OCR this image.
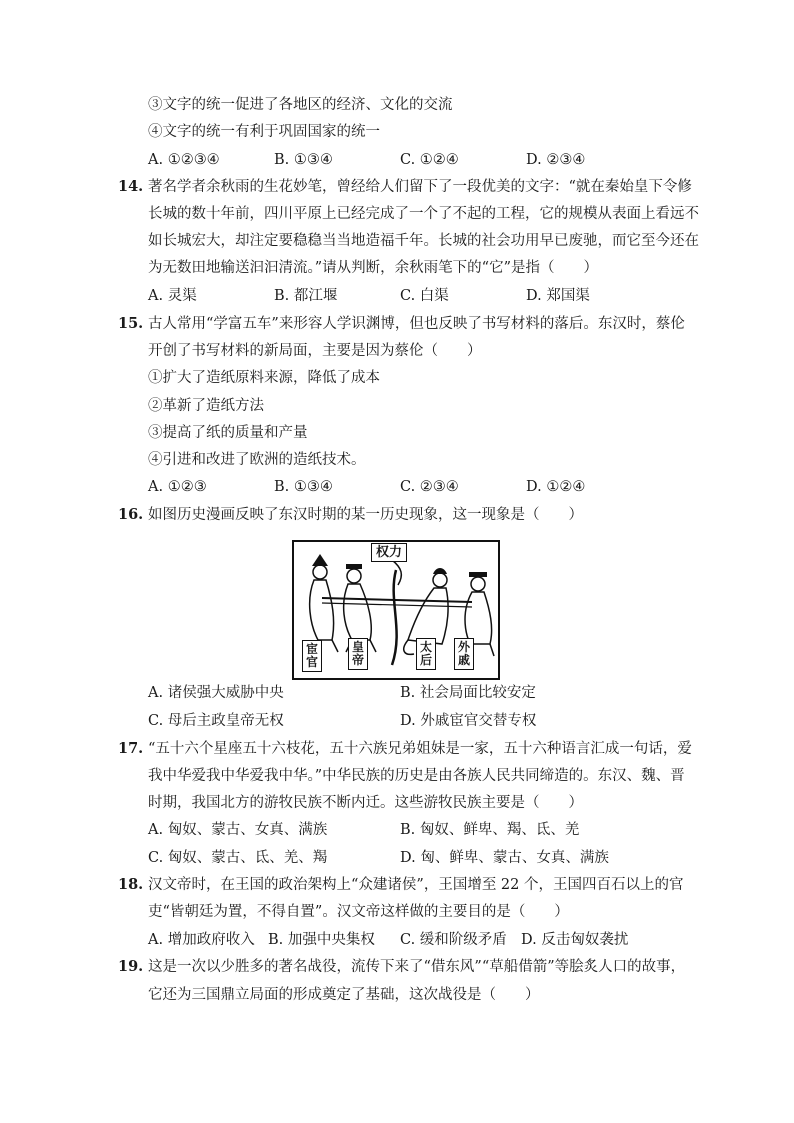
③文字的统一促进了各地区的经济、文化的交流
④文字的统一有利于巩固国家的统一
A. ①②③④	B. ①③④	C. ①②④	D. ②③④
14. 著名学者余秋雨的生花妙笔，曾经给人们留下了一段优美的文字：“就在秦始皇下令修
长城的数十年前，四川平原上已经完成了一个了不起的工程，它的规模从表面上看远不
如长城宏大，却注定要稳稳当当地造福千年。长城的社会功用早已废驰，而它至今还在
为无数田地输送汩汩清流。”请从判断，余秋雨笔下的“它”是指（　　）
A. 灵渠	B. 都江堰	C. 白渠	D. 郑国渠
15. 古人常用“学富五车”来形容人学识渊博，但也反映了书写材料的落后。东汉时，蔡伦
开创了书写材料的新局面，主要是因为蔡伦（　　）
①扩大了造纸原料来源，降低了成本
②革新了造纸方法
③提高了纸的质量和产量
④引进和改进了欧洲的造纸技术。
A. ①②③	B. ①③④	C. ②③④	D. ①②④
16. 如图历史漫画反映了东汉时期的某一历史现象，这一现象是（　　）
权力
宦官
皇帝
太后
外戚
A. 诸侯强大威胁中央	B. 社会局面比较安定
C. 母后主政皇帝无权	D. 外戚宦官交替专权
17. “五十六个星座五十六枝花，五十六族兄弟姐妹是一家，五十六种语言汇成一句话，爱
我中华爱我中华爱我中华。”中华民族的历史是由各族人民共同缔造的。东汉、魏、晋
时期，我国北方的游牧民族不断内迁。这些游牧民族主要是（　　）
A. 匈奴、蒙古、女真、满族	B. 匈奴、鲜卑、羯、氐、羌
C. 匈奴、蒙古、氐、羌、羯	D. 匈、鲜卑、蒙古、女真、满族
18. 汉文帝时，在王国的政治架构上“众建诸侯”，王国增至 22 个，王国四百石以上的官
吏“皆朝廷为置，不得自置”。汉文帝这样做的主要目的是（　　）
A. 增加政府收入 B. 加强中央集权 C. 缓和阶级矛盾 D. 反击匈奴袭扰
19. 这是一次以少胜多的著名战役，流传下来了“借东风”“草船借箭”等脍炙人口的故事，
它还为三国鼎立局面的形成奠定了基础，这次战役是（　　）
